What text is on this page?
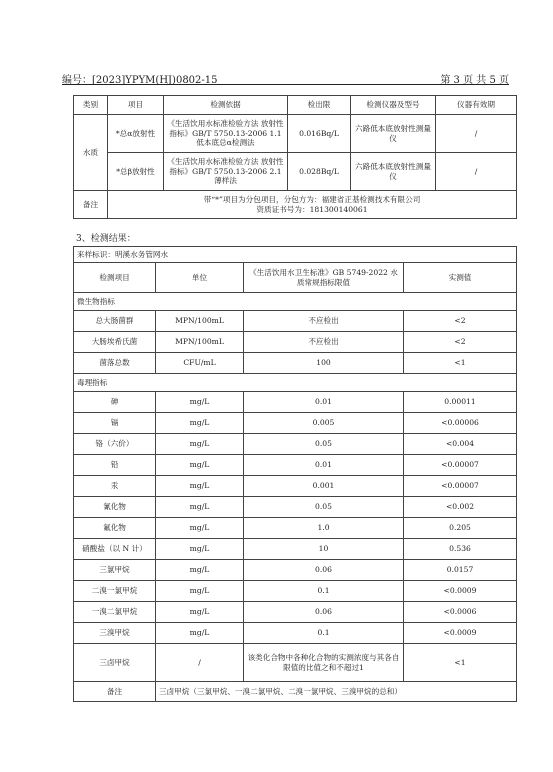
编号：[2023]YPYM(HJ)0802-15	第 3 页 共 5 页
类别	项目	检测依据	检出限	检测仪器及型号	仪器有效期
水质	*总α放射性	《生活饮用水标准检验方法 放射性指标》GB/T 5750.13-2006 1.1 低本底总α检测法	0.016Bq/L	六路低本底放射性测量仪	/
	*总β放射性	《生活饮用水标准检验方法 放射性指标》GB/T 5750.13-2006 2.1 薄样法	0.028Bq/L	六路低本底放射性测量仪	/
备注	带“*”项目为分包项目，分包方为：福建省正基检测技术有限公司
资质证书号为：181300140061				
3、检测结果：
来样标识：明溪水务管网水			
检测项目	单位	《生活饮用水卫生标准》GB 5749-2022 水质常规指标限值	实测值
微生物指标			
总大肠菌群	MPN/100mL	不应检出	<2
大肠埃希氏菌	MPN/100mL	不应检出	<2
菌落总数	CFU/mL	100	<1
毒理指标			
砷	mg/L	0.01	0.00011
镉	mg/L	0.005	<0.00006
铬（六价）	mg/L	0.05	<0.004
铅	mg/L	0.01	<0.00007
汞	mg/L	0.001	<0.00007
氰化物	mg/L	0.05	<0.002
氟化物	mg/L	1.0	0.205
硝酸盐（以 N 计）	mg/L	10	0.536
三氯甲烷	mg/L	0.06	0.0157
二溴一氯甲烷	mg/L	0.1	<0.0009
一溴二氯甲烷	mg/L	0.06	<0.0006
三溴甲烷	mg/L	0.1	<0.0009
三卤甲烷	/	该类化合物中各种化合物的实测浓度与其各自限值的比值之和不超过1	<1
备注	三卤甲烷（三氯甲烷、一溴二氯甲烷、二溴一氯甲烷、三溴甲烷的总和）		
